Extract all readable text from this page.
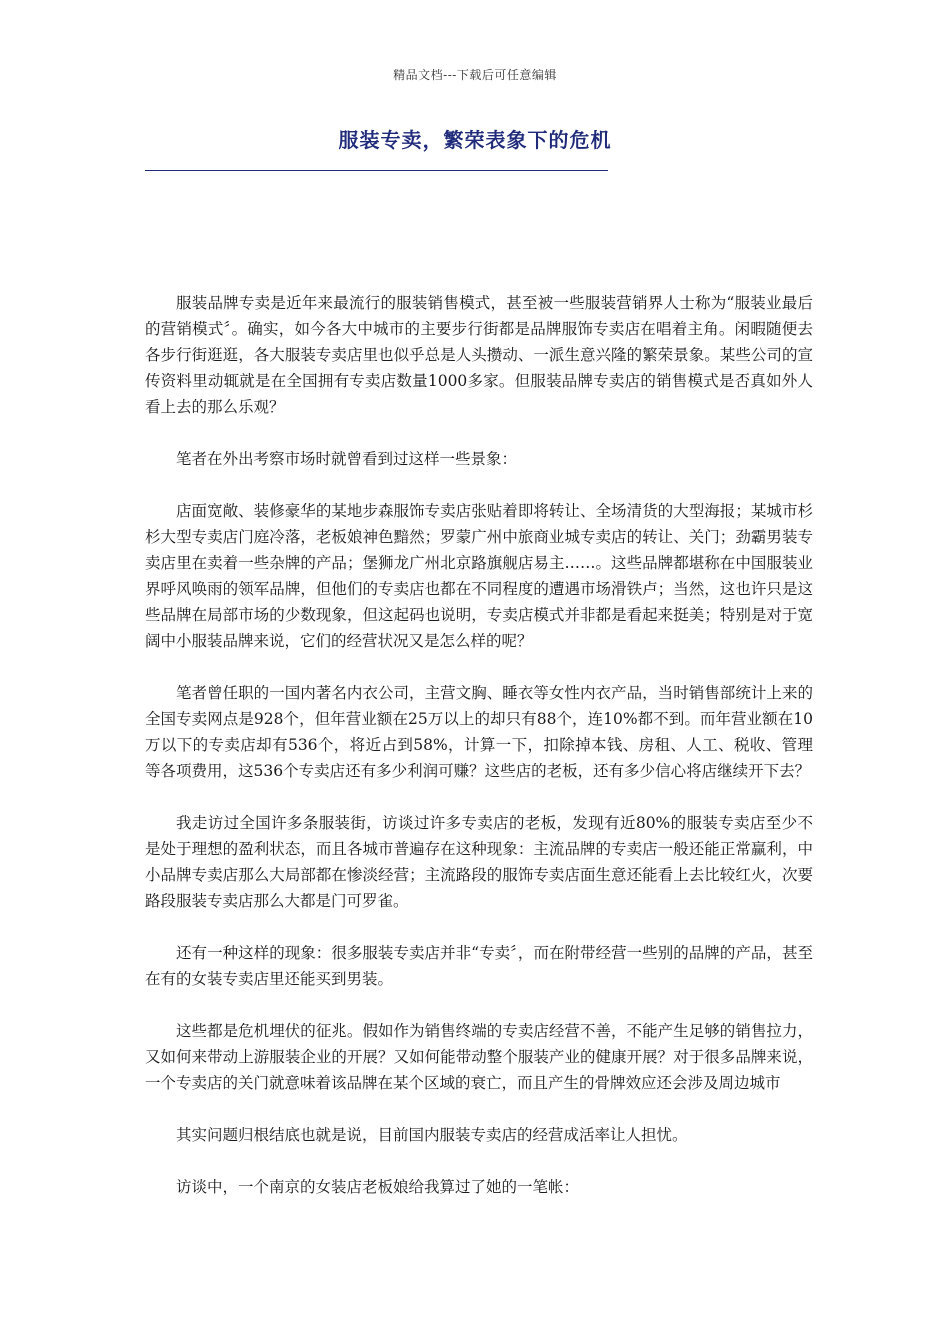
精品文档---下载后可任意编辑
服装专卖，繁荣表象下的危机

服装品牌专卖是近年来最流行的服装销售模式，甚至被一些服装营销界人士称为“服装业最后的营销模式〞。确实，如今各大中城市的主要步行街都是品牌服饰专卖店在唱着主角。闲暇随便去各步行街逛逛，各大服装专卖店里也似乎总是人头攒动、一派生意兴隆的繁荣景象。某些公司的宣传资料里动辄就是在全国拥有专卖店数量1000多家。但服装品牌专卖店的销售模式是否真如外人看上去的那么乐观？

笔者在外出考察市场时就曾看到过这样一些景象：

店面宽敞、装修豪华的某地步森服饰专卖店张贴着即将转让、全场清货的大型海报；某城市杉杉大型专卖店门庭冷落，老板娘神色黯然；罗蒙广州中旅商业城专卖店的转让、关门；劲霸男装专卖店里在卖着一些杂牌的产品；堡狮龙广州北京路旗舰店易主……。这些品牌都堪称在中国服装业界呼风唤雨的领军品牌，但他们的专卖店也都在不同程度的遭遇市场滑铁卢；当然，这也许只是这些品牌在局部市场的少数现象，但这起码也说明，专卖店模式并非都是看起来挺美；特别是对于宽阔中小服装品牌来说，它们的经营状况又是怎么样的呢？

笔者曾任职的一国内著名内衣公司，主营文胸、睡衣等女性内衣产品，当时销售部统计上来的全国专卖网点是928个，但年营业额在25万以上的却只有88个，连10%都不到。而年营业额在10万以下的专卖店却有536个，将近占到58%，计算一下，扣除掉本钱、房租、人工、税收、管理等各项费用，这536个专卖店还有多少利润可赚？这些店的老板，还有多少信心将店继续开下去？

我走访过全国许多条服装街，访谈过许多专卖店的老板，发现有近80%的服装专卖店至少不是处于理想的盈利状态，而且各城市普遍存在这种现象：主流品牌的专卖店一般还能正常赢利，中小品牌专卖店那么大局部都在惨淡经营；主流路段的服饰专卖店面生意还能看上去比较红火，次要路段服装专卖店那么大都是门可罗雀。

还有一种这样的现象：很多服装专卖店并非“专卖〞，而在附带经营一些别的品牌的产品，甚至在有的女装专卖店里还能买到男装。

这些都是危机埋伏的征兆。假如作为销售终端的专卖店经营不善，不能产生足够的销售拉力，又如何来带动上游服装企业的开展？又如何能带动整个服装产业的健康开展？对于很多品牌来说，一个专卖店的关门就意味着该品牌在某个区域的衰亡，而且产生的骨牌效应还会涉及周边城市

其实问题归根结底也就是说，目前国内服装专卖店的经营成活率让人担忧。

访谈中，一个南京的女装店老板娘给我算过了她的一笔帐：
